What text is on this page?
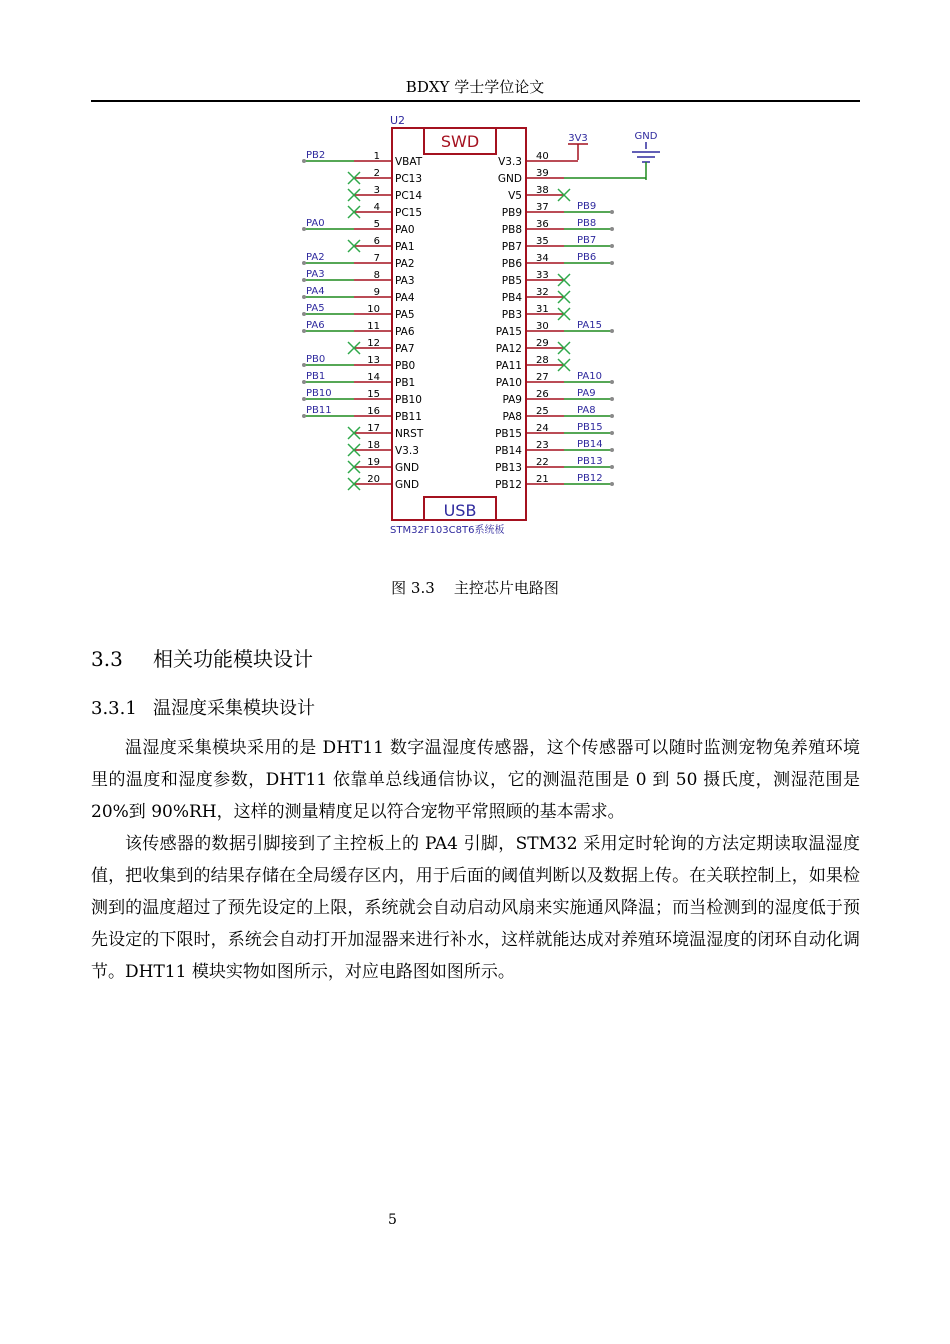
BDXY 学士学位论文
U2
SWD
USB
STM32F103C8T6系统板
3V3	GND
1 VBAT
PB2
2 PC13
3 PC14
4 PC15
5 PA0
PA0
6 PA1
7 PA2
PA2
8 PA3
PA3
9 PA4
PA4
10 PA5
PA5
11 PA6
PA6
12 PA7
13 PB0
PB0
14 PB1
PB1
15 PB10
PB10
16 PB11
PB11
17 NRST
18 V3.3
19 GND
20 GND
40
V3.3
39
GND
38
V5
37
PB9
PB9
36
PB8
PB8
35
PB7
PB7
34
PB6
PB6
33
PB5
32
PB4
31
PB3
30
PA15
PA15
29
PA12
28
PA11
27
PA10
PA10
26
PA9
PA9
25
PA8
PA8
24
PB15
PB15
23
PB14
PB14
22
PB13
PB13
21
PB12
PB12
图 3.3 主控芯片电路图
3.3 相关功能模块设计
3.3.1 温湿度采集模块设计

温湿度采集模块采用的是 DHT11 数字温湿度传感器，这个传感器可以随时监测宠物兔养殖环境里的温度和湿度参数，DHT11 依靠单总线通信协议，它的测温范围是 0 到 50 摄氏度，测湿范围是 20%到 90%RH，这样的测量精度足以符合宠物平常照顾的基本需求。

该传感器的数据引脚接到了主控板上的 PA4 引脚，STM32 采用定时轮询的方法定期读取温湿度值，把收集到的结果存储在全局缓存区内，用于后面的阈值判断以及数据上传。在关联控制上，如果检测到的温度超过了预先设定的上限，系统就会自动启动风扇来实施通风降温；而当检测到的湿度低于预先设定的下限时，系统会自动打开加湿器来进行补水，这样就能达成对养殖环境温湿度的闭环自动化调节。DHT11 模块实物如图所示，对应电路图如图所示。

5
